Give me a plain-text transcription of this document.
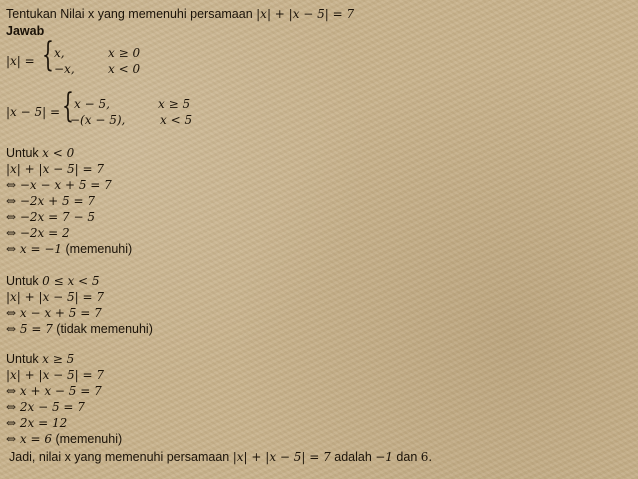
Tentukan Nilai x yang memenuhi persamaan |x| + |x − 5| = 7
Jawab
|x| = { x,	x ≥ 0
−x,	x < 0
|x − 5| = { x − 5,	x ≥ 5
−(x − 5),	x < 5
Untuk x < 0
|x| + |x − 5| = 7
⇔ −x − x + 5 = 7
⇔ −2x + 5 = 7
⇔ −2x = 7 − 5
⇔ −2x = 2
⇔ x = −1 (memenuhi)
Untuk 0 ≤ x < 5
|x| + |x − 5| = 7
⇔ x − x + 5 = 7
⇔ 5 = 7 (tidak memenuhi)
Untuk x ≥ 5
|x| + |x − 5| = 7
⇔ x + x − 5 = 7
⇔ 2x − 5 = 7
⇔ 2x = 12
⇔ x = 6 (memenuhi)
Jadi, nilai x yang memenuhi persamaan |x| + |x − 5| = 7 adalah −1 dan 6.
